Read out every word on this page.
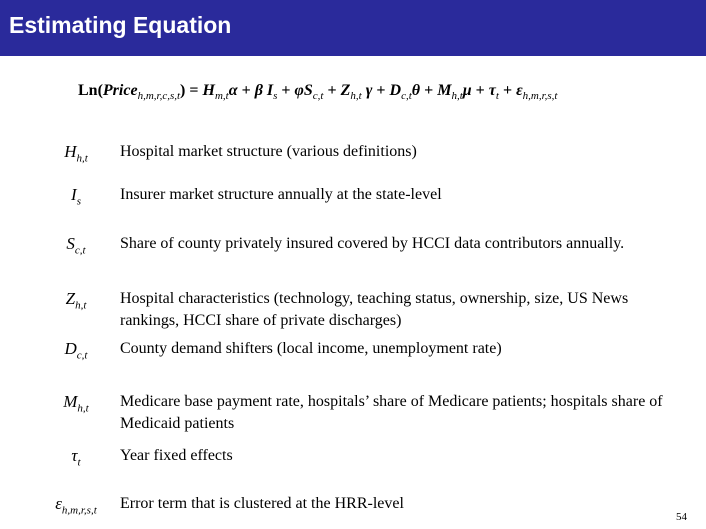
Estimating Equation
Ln(Price$_{h,m,r,c,s,t}$) = $H_{m,t}\alpha + \beta$ $I_s + \varphi S_{c,t} + Z_{h,t}$ $\gamma + D_{c,t}\theta + M_{h,t}\mu + \tau_t + \varepsilon_{h,m,r,s,t}$
$H_{h,t}$	Hospital market structure (various definitions)
$I_s$	Insurer market structure annually at the state-level
$S_{c,t}$	Share of county privately insured covered by HCCI data contributors annually.
$Z_{h,t}$	Hospital characteristics (technology, teaching status, ownership, size, US News rankings, HCCI share of private discharges)
$D_{c,t}$	County demand shifters (local income, unemployment rate)
$M_{h,t}$	Medicare base payment rate, hospitals’ share of Medicare patients; hospitals share of Medicaid patients
$\tau_t$	Year fixed effects
$\varepsilon_{h,m,r,s,t}$	Error term that is clustered at the HRR-level
54
